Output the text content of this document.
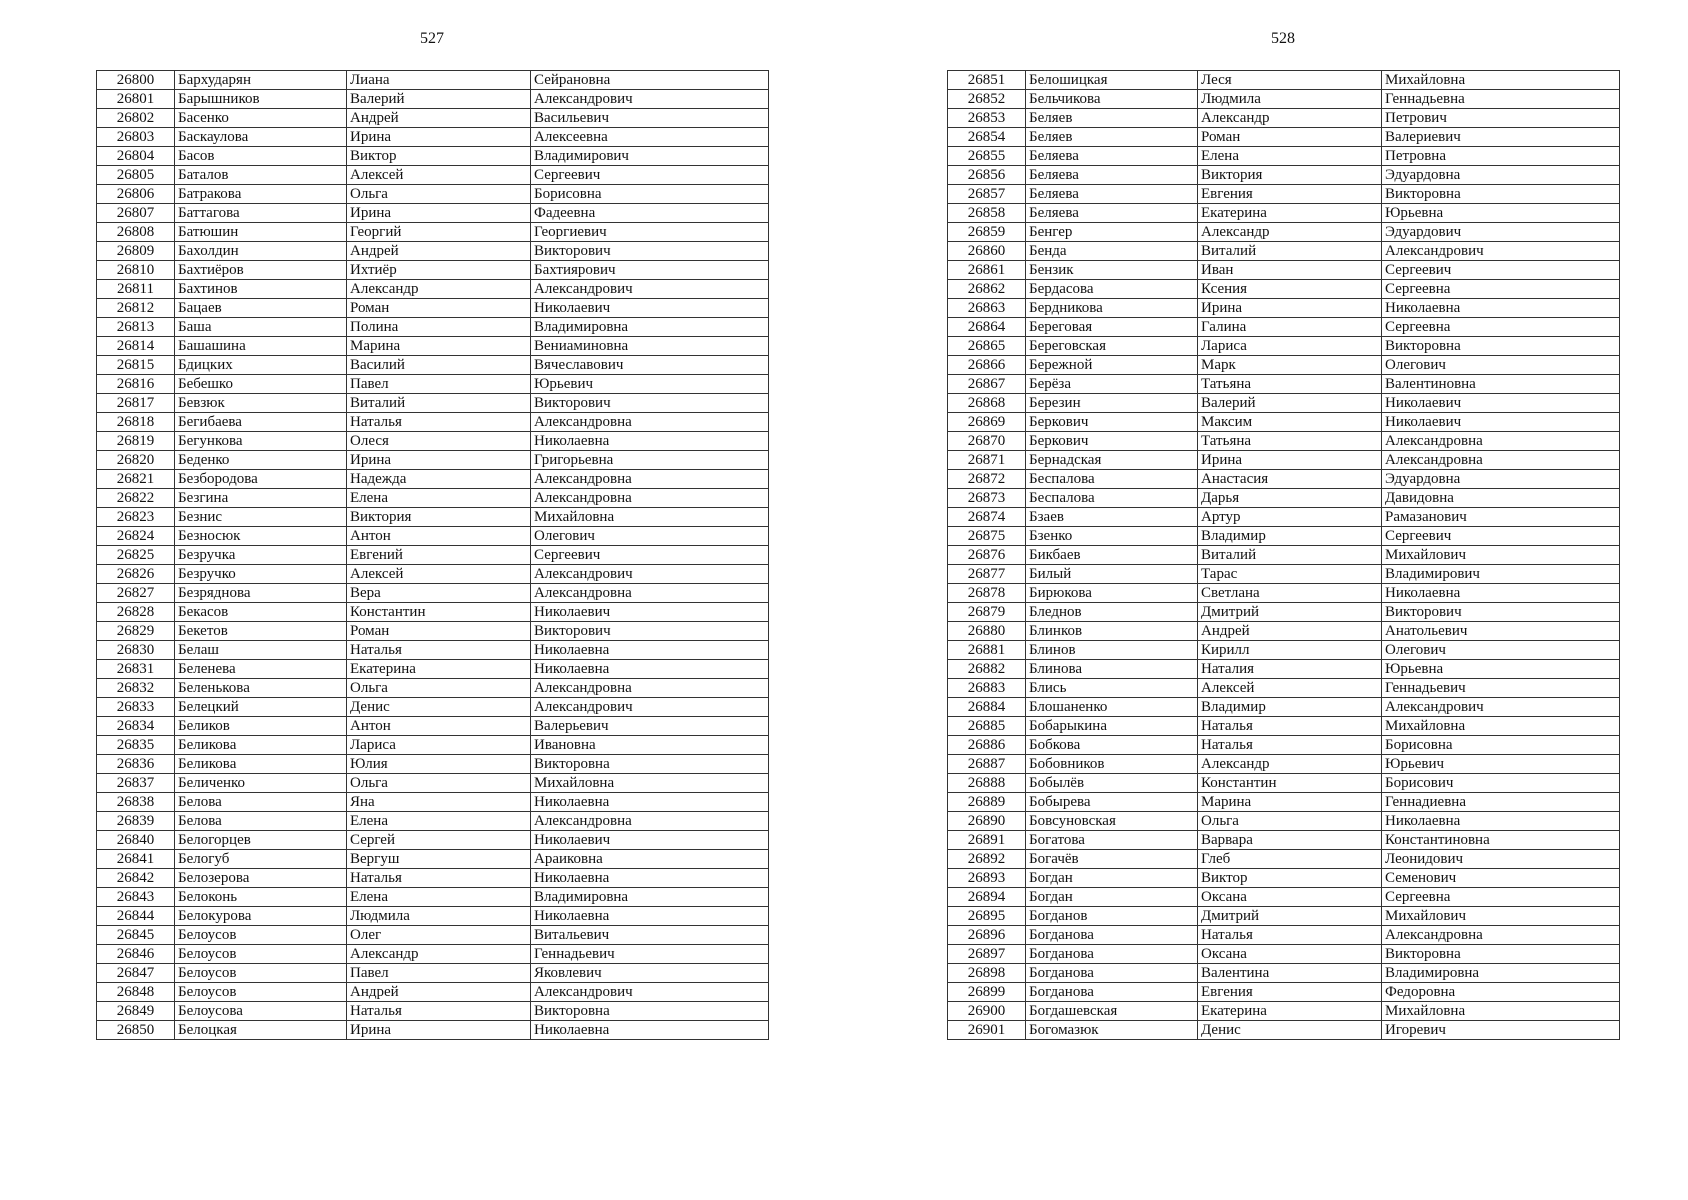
527
26800	Бархударян	Лиана	Сейрановна
26801	Барышников	Валерий	Александрович
26802	Басенко	Андрей	Васильевич
26803	Баскаулова	Ирина	Алексеевна
26804	Басов	Виктор	Владимирович
26805	Баталов	Алексей	Сергеевич
26806	Батракова	Ольга	Борисовна
26807	Баттагова	Ирина	Фадеевна
26808	Батюшин	Георгий	Георгиевич
26809	Бахолдин	Андрей	Викторович
26810	Бахтиёров	Ихтиёр	Бахтиярович
26811	Бахтинов	Александр	Александрович
26812	Бацаев	Роман	Николаевич
26813	Баша	Полина	Владимировна
26814	Башашина	Марина	Вениаминовна
26815	Бдицких	Василий	Вячеславович
26816	Бебешко	Павел	Юрьевич
26817	Бевзюк	Виталий	Викторович
26818	Бегибаева	Наталья	Александровна
26819	Бегункова	Олеся	Николаевна
26820	Беденко	Ирина	Григорьевна
26821	Безбородова	Надежда	Александровна
26822	Безгина	Елена	Александровна
26823	Безнис	Виктория	Михайловна
26824	Безносюк	Антон	Олегович
26825	Безручка	Евгений	Сергеевич
26826	Безручко	Алексей	Александрович
26827	Безряднова	Вера	Александровна
26828	Бекасов	Константин	Николаевич
26829	Бекетов	Роман	Викторович
26830	Белаш	Наталья	Николаевна
26831	Беленева	Екатерина	Николаевна
26832	Беленькова	Ольга	Александровна
26833	Белецкий	Денис	Александрович
26834	Беликов	Антон	Валерьевич
26835	Беликова	Лариса	Ивановна
26836	Беликова	Юлия	Викторовна
26837	Беличенко	Ольга	Михайловна
26838	Белова	Яна	Николаевна
26839	Белова	Елена	Александровна
26840	Белогорцев	Сергей	Николаевич
26841	Белогуб	Вергуш	Араиковна
26842	Белозерова	Наталья	Николаевна
26843	Белоконь	Елена	Владимировна
26844	Белокурова	Людмила	Николаевна
26845	Белоусов	Олег	Витальевич
26846	Белоусов	Александр	Геннадьевич
26847	Белоусов	Павел	Яковлевич
26848	Белоусов	Андрей	Александрович
26849	Белоусова	Наталья	Викторовна
26850	Белоцкая	Ирина	Николаевна
528
26851	Белошицкая	Леся	Михайловна
26852	Бельчикова	Людмила	Геннадьевна
26853	Беляев	Александр	Петрович
26854	Беляев	Роман	Валериевич
26855	Беляева	Елена	Петровна
26856	Беляева	Виктория	Эдуардовна
26857	Беляева	Евгения	Викторовна
26858	Беляева	Екатерина	Юрьевна
26859	Бенгер	Александр	Эдуардович
26860	Бенда	Виталий	Александрович
26861	Бензик	Иван	Сергеевич
26862	Бердасова	Ксения	Сергеевна
26863	Бердникова	Ирина	Николаевна
26864	Береговая	Галина	Сергеевна
26865	Береговская	Лариса	Викторовна
26866	Бережной	Марк	Олегович
26867	Берёза	Татьяна	Валентиновна
26868	Березин	Валерий	Николаевич
26869	Беркович	Максим	Николаевич
26870	Беркович	Татьяна	Александровна
26871	Бернадская	Ирина	Александровна
26872	Беспалова	Анастасия	Эдуардовна
26873	Беспалова	Дарья	Давидовна
26874	Бзаев	Артур	Рамазанович
26875	Бзенко	Владимир	Сергеевич
26876	Бикбаев	Виталий	Михайлович
26877	Билый	Тарас	Владимирович
26878	Бирюкова	Светлана	Николаевна
26879	Бледнов	Дмитрий	Викторович
26880	Блинков	Андрей	Анатольевич
26881	Блинов	Кирилл	Олегович
26882	Блинова	Наталия	Юрьевна
26883	Блись	Алексей	Геннадьевич
26884	Блошаненко	Владимир	Александрович
26885	Бобарыкина	Наталья	Михайловна
26886	Бобкова	Наталья	Борисовна
26887	Бобовников	Александр	Юрьевич
26888	Бобылёв	Константин	Борисович
26889	Бобырева	Марина	Геннадиевна
26890	Бовсуновская	Ольга	Николаевна
26891	Богатова	Варвара	Константиновна
26892	Богачёв	Глеб	Леонидович
26893	Богдан	Виктор	Семенович
26894	Богдан	Оксана	Сергеевна
26895	Богданов	Дмитрий	Михайлович
26896	Богданова	Наталья	Александровна
26897	Богданова	Оксана	Викторовна
26898	Богданова	Валентина	Владимировна
26899	Богданова	Евгения	Федоровна
26900	Богдашевская	Екатерина	Михайловна
26901	Богомазюк	Денис	Игоревич
